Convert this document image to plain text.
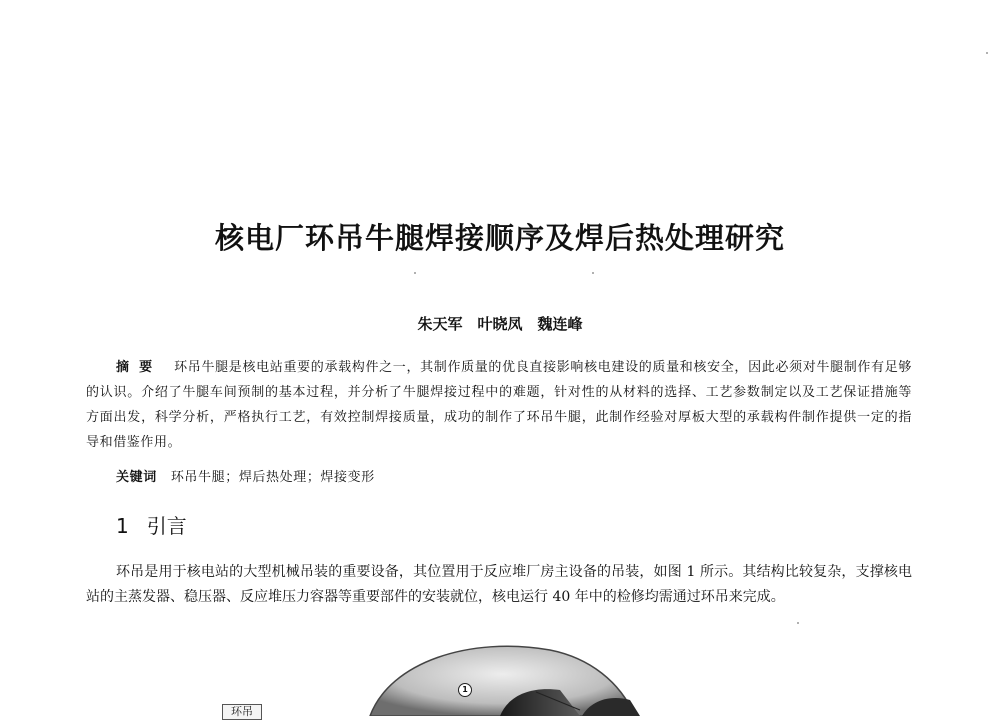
核电厂环吊牛腿焊接顺序及焊后热处理研究
朱天军　叶晓凤　魏连峰
摘要 环吊牛腿是核电站重要的承载构件之一，其制作质量的优良直接影响核电建设的质量和核安全，因此必须对牛腿制作有足够的认识。介绍了牛腿车间预制的基本过程，并分析了牛腿焊接过程中的难题，针对性的从材料的选择、工艺参数制定以及工艺保证措施等方面出发，科学分析，严格执行工艺，有效控制焊接质量，成功的制作了环吊牛腿，此制作经验对厚板大型的承载构件制作提供一定的指导和借鉴作用。
关键词 环吊牛腿；焊后热处理；焊接变形
1 引言
环吊是用于核电站的大型机械吊装的重要设备，其位置用于反应堆厂房主设备的吊装，如图 1 所示。其结构比较复杂，支撑核电站的主蒸发器、稳压器、反应堆压力容器等重要部件的安装就位，核电运行 40 年中的检修均需通过环吊来完成。
1
环吊
